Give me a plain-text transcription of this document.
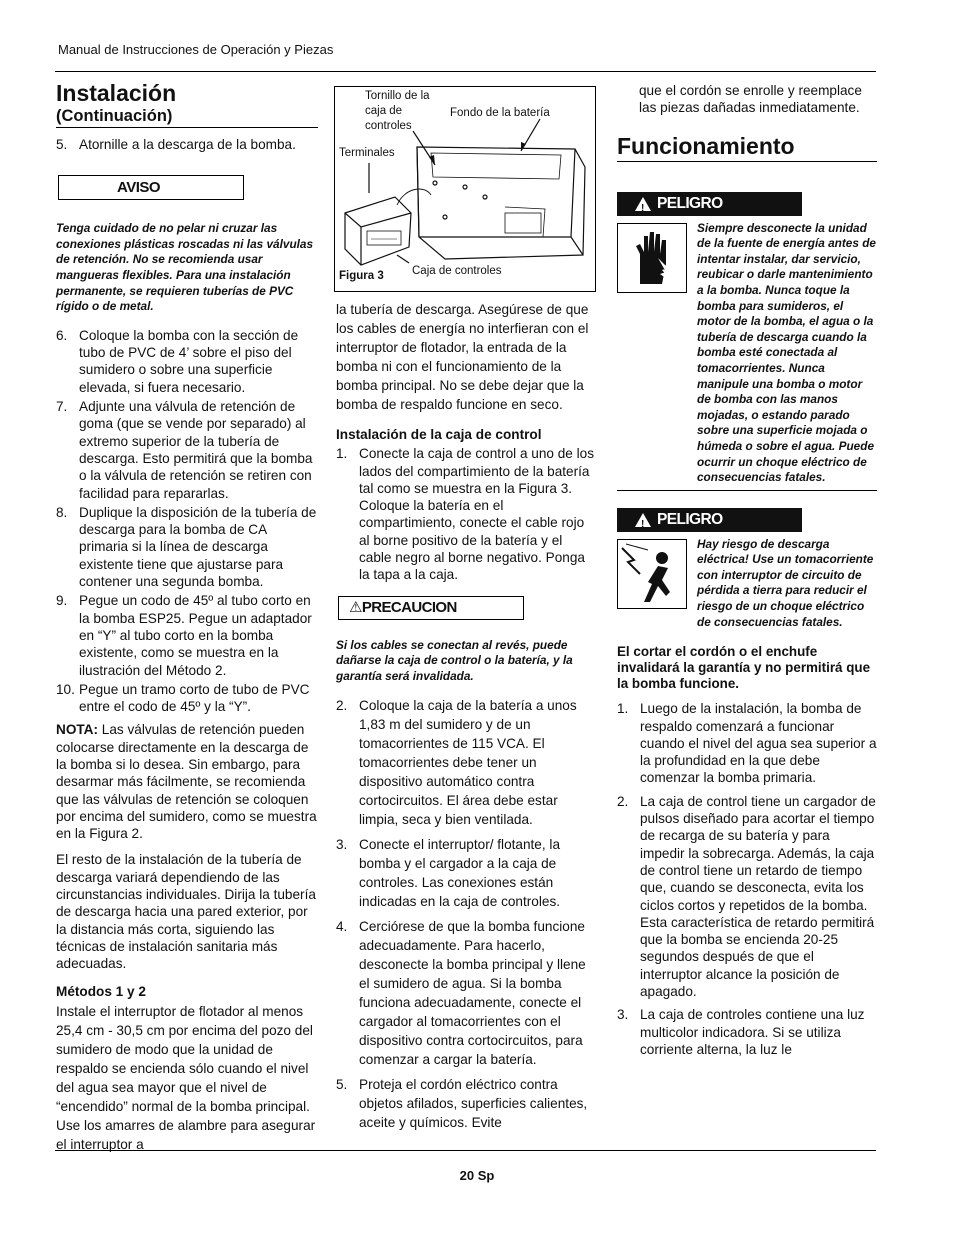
Manual de Instrucciones de Operación y Piezas
Instalación
(Continuación)
5. Atornille a la descarga de la bomba.
AVISO
Tenga cuidado de no pelar ni cruzar las conexiones plásticas roscadas ni las válvulas de retención. No se recomienda usar mangueras flexibles. Para una instalación permanente, se requieren tuberías de PVC rígido o de metal.
6. Coloque la bomba con la sección de tubo de PVC de 4’ sobre el piso del sumidero o sobre una superficie elevada, si fuera necesario.
7. Adjunte una válvula de retención de goma (que se vende por separado) al extremo superior de la tubería de descarga. Esto permitirá que la bomba o la válvula de retención se retiren con facilidad para repararlas.
8. Duplique la disposición de la tubería de descarga para la bomba de CA primaria si la línea de descarga existente tiene que ajustarse para contener una segunda bomba.
9. Pegue un codo de 45º al tubo corto en la bomba ESP25. Pegue un adaptador en “Y” al tubo corto en la bomba existente, como se muestra en la ilustración del Método 2.
10. Pegue un tramo corto de tubo de PVC entre el codo de 45º y la “Y”.

NOTA: Las válvulas de retención pueden colocarse directamente en la descarga de la bomba si lo desea. Sin embargo, para desarmar más fácilmente, se recomienda que las válvulas de retención se coloquen por encima del sumidero, como se muestra en la Figura 2.

El resto de la instalación de la tubería de descarga variará dependiendo de las circunstancias individuales. Dirija la tubería de descarga hacia una pared exterior, por la distancia más corta, siguiendo las técnicas de instalación sanitaria más adecuadas.

Métodos 1 y 2

Instale el interruptor de flotador al menos 25,4 cm - 30,5 cm por encima del pozo del sumidero de modo que la unidad de respaldo se encienda sólo cuando el nivel del agua sea mayor que el nivel de “encendido” normal de la bomba principal. Use los amarres de alambre para asegurar el interruptor a

Tornillo de la caja de controles
Fondo de la batería
Terminales
Caja de controles
Figura 3

la tubería de descarga. Asegúrese de que los cables de energía no interfieran con el interruptor de flotador, la entrada de la bomba ni con el funcionamiento de la bomba principal. No se debe dejar que la bomba de respaldo funcione en seco.

Instalación de la caja de control
1. Conecte la caja de control a uno de los lados del compartimiento de la batería tal como se muestra en la Figura 3. Coloque la batería en el compartimiento, conecte el cable rojo al borne positivo de la batería y el cable negro al borne negativo. Ponga la tapa a la caja.
⚠PRECAUCION
Si los cables se conectan al revés, puede dañarse la caja de control o la batería, y la garantía será invalidada.
2. Coloque la caja de la batería a unos 1,83 m del sumidero y de un tomacorrientes de 115 VCA. El tomacorrientes debe tener un dispositivo automático contra cortocircuitos. El área debe estar limpia, seca y bien ventilada.
3. Conecte el interruptor/ flotante, la bomba y el cargador a la caja de controles. Las conexiones están indicadas en la caja de controles.
4. Cerciórese de que la bomba funcione adecuadamente. Para hacerlo, desconecte la bomba principal y llene el sumidero de agua. Si la bomba funciona adecuadamente, conecte el cargador al tomacorrientes con el dispositivo contra cortocircuitos, para comenzar a cargar la batería.
5. Proteja el cordón eléctrico contra objetos afilados, superficies calientes, aceite y químicos. Evite

que el cordón se enrolle y reemplace las piezas dañadas inmediatamente.

Funcionamiento
! PELIGRO
Siempre desconecte la unidad de la fuente de energía antes de intentar instalar, dar servicio, reubicar o darle mantenimiento a la bomba. Nunca toque la bomba para sumideros, el motor de la bomba, el agua o la tubería de descarga cuando la bomba esté conectada al tomacorrientes. Nunca manipule una bomba o motor de bomba con las manos mojadas, o estando parado sobre una superficie mojada o húmeda o sobre el agua. Puede ocurrir un choque eléctrico de consecuencias fatales.
! PELIGRO
Hay riesgo de descarga eléctrica! Use un tomacorriente con interruptor de circuito de pérdida a tierra para reducir el riesgo de un choque eléctrico de consecuencias fatales.
El cortar el cordón o el enchufe invalidará la garantía y no permitirá que la bomba funcione.
1. Luego de la instalación, la bomba de respaldo comenzará a funcionar cuando el nivel del agua sea superior a la profundidad en la que debe comenzar la bomba primaria.
2. La caja de control tiene un cargador de pulsos diseñado para acortar el tiempo de recarga de su batería y para impedir la sobrecarga. Además, la caja de control tiene un retardo de tiempo que, cuando se desconecta, evita los ciclos cortos y repetidos de la bomba. Esta característica de retardo permitirá que la bomba se encienda 20-25 segundos después de que el interruptor alcance la posición de apagado.
3. La caja de controles contiene una luz multicolor indicadora. Si se utiliza corriente alterna, la luz le
20 Sp
